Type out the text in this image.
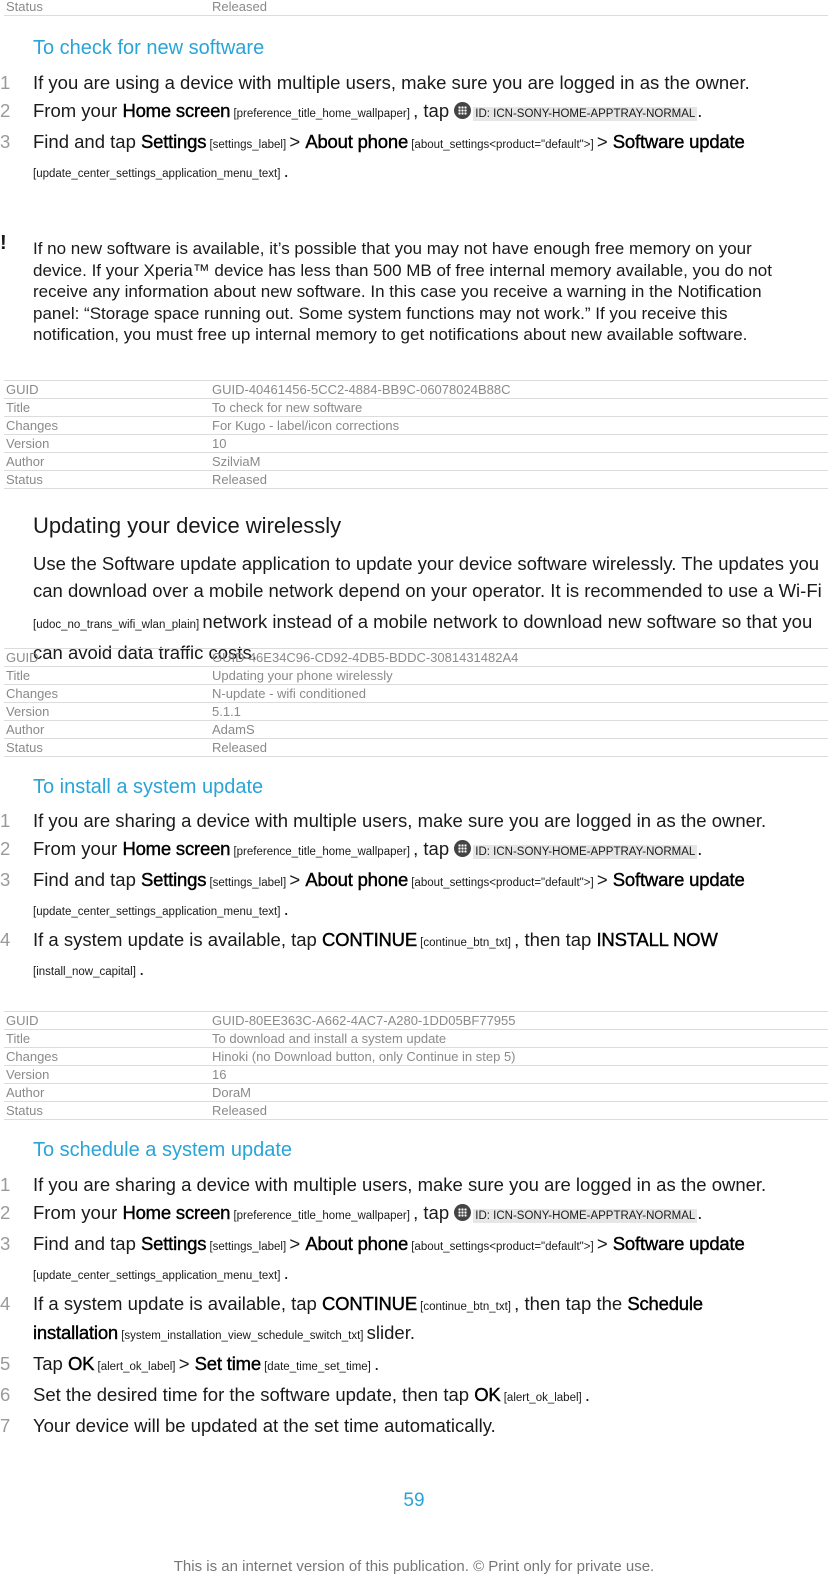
Status	Released
To check for new software
1 If you are using a device with multiple users, make sure you are logged in as the owner.
2 From your Home screen [preference_title_home_wallpaper] , tap ID: ICN-SONY-HOME-APPTRAY-NORMAL .
3 Find and tap Settings [settings_label] > About phone [about_settings<product="default">] > Software update [update_center_settings_application_menu_text] .
! If no new software is available, it’s possible that you may not have enough free memory on your device. If your Xperia™ device has less than 500 MB of free internal memory available, you do not receive any information about new software. In this case you receive a warning in the Notification panel: “Storage space running out. Some system functions may not work.” If you receive this notification, you must free up internal memory to get notifications about new available software.
GUID	GUID-40461456-5CC2-4884-BB9C-06078024B88C
Title	To check for new software
Changes	For Kugo - label/icon corrections
Version	10
Author	SzilviaM
Status	Released
Updating your device wirelessly
Use the Software update application to update your device software wirelessly. The updates you can download over a mobile network depend on your operator. It is recommended to use a Wi-Fi [udoc_no_trans_wifi_wlan_plain] network instead of a mobile network to download new software so that you can avoid data traffic costs.
GUID	GUID-46E34C96-CD92-4DB5-BDDC-3081431482A4
Title	Updating your phone wirelessly
Changes	N-update - wifi conditioned
Version	5.1.1
Author	AdamS
Status	Released
To install a system update
1 If you are sharing a device with multiple users, make sure you are logged in as the owner.
2 From your Home screen [preference_title_home_wallpaper] , tap ID: ICN-SONY-HOME-APPTRAY-NORMAL .
3 Find and tap Settings [settings_label] > About phone [about_settings<product="default">] > Software update [update_center_settings_application_menu_text] .
4 If a system update is available, tap CONTINUE [continue_btn_txt] , then tap INSTALL NOW [install_now_capital] .
GUID	GUID-80EE363C-A662-4AC7-A280-1DD05BF77955
Title	To download and install a system update
Changes	Hinoki (no Download button, only Continue in step 5)
Version	16
Author	DoraM
Status	Released
To schedule a system update
1 If you are sharing a device with multiple users, make sure you are logged in as the owner.
2 From your Home screen [preference_title_home_wallpaper] , tap ID: ICN-SONY-HOME-APPTRAY-NORMAL .
3 Find and tap Settings [settings_label] > About phone [about_settings<product="default">] > Software update [update_center_settings_application_menu_text] .
4 If a system update is available, tap CONTINUE [continue_btn_txt] , then tap the Schedule installation [system_installation_view_schedule_switch_txt] slider.
5 Tap OK [alert_ok_label] > Set time [date_time_set_time] .
6 Set the desired time for the software update, then tap OK [alert_ok_label] .
7 Your device will be updated at the set time automatically.
59
This is an internet version of this publication. © Print only for private use.
